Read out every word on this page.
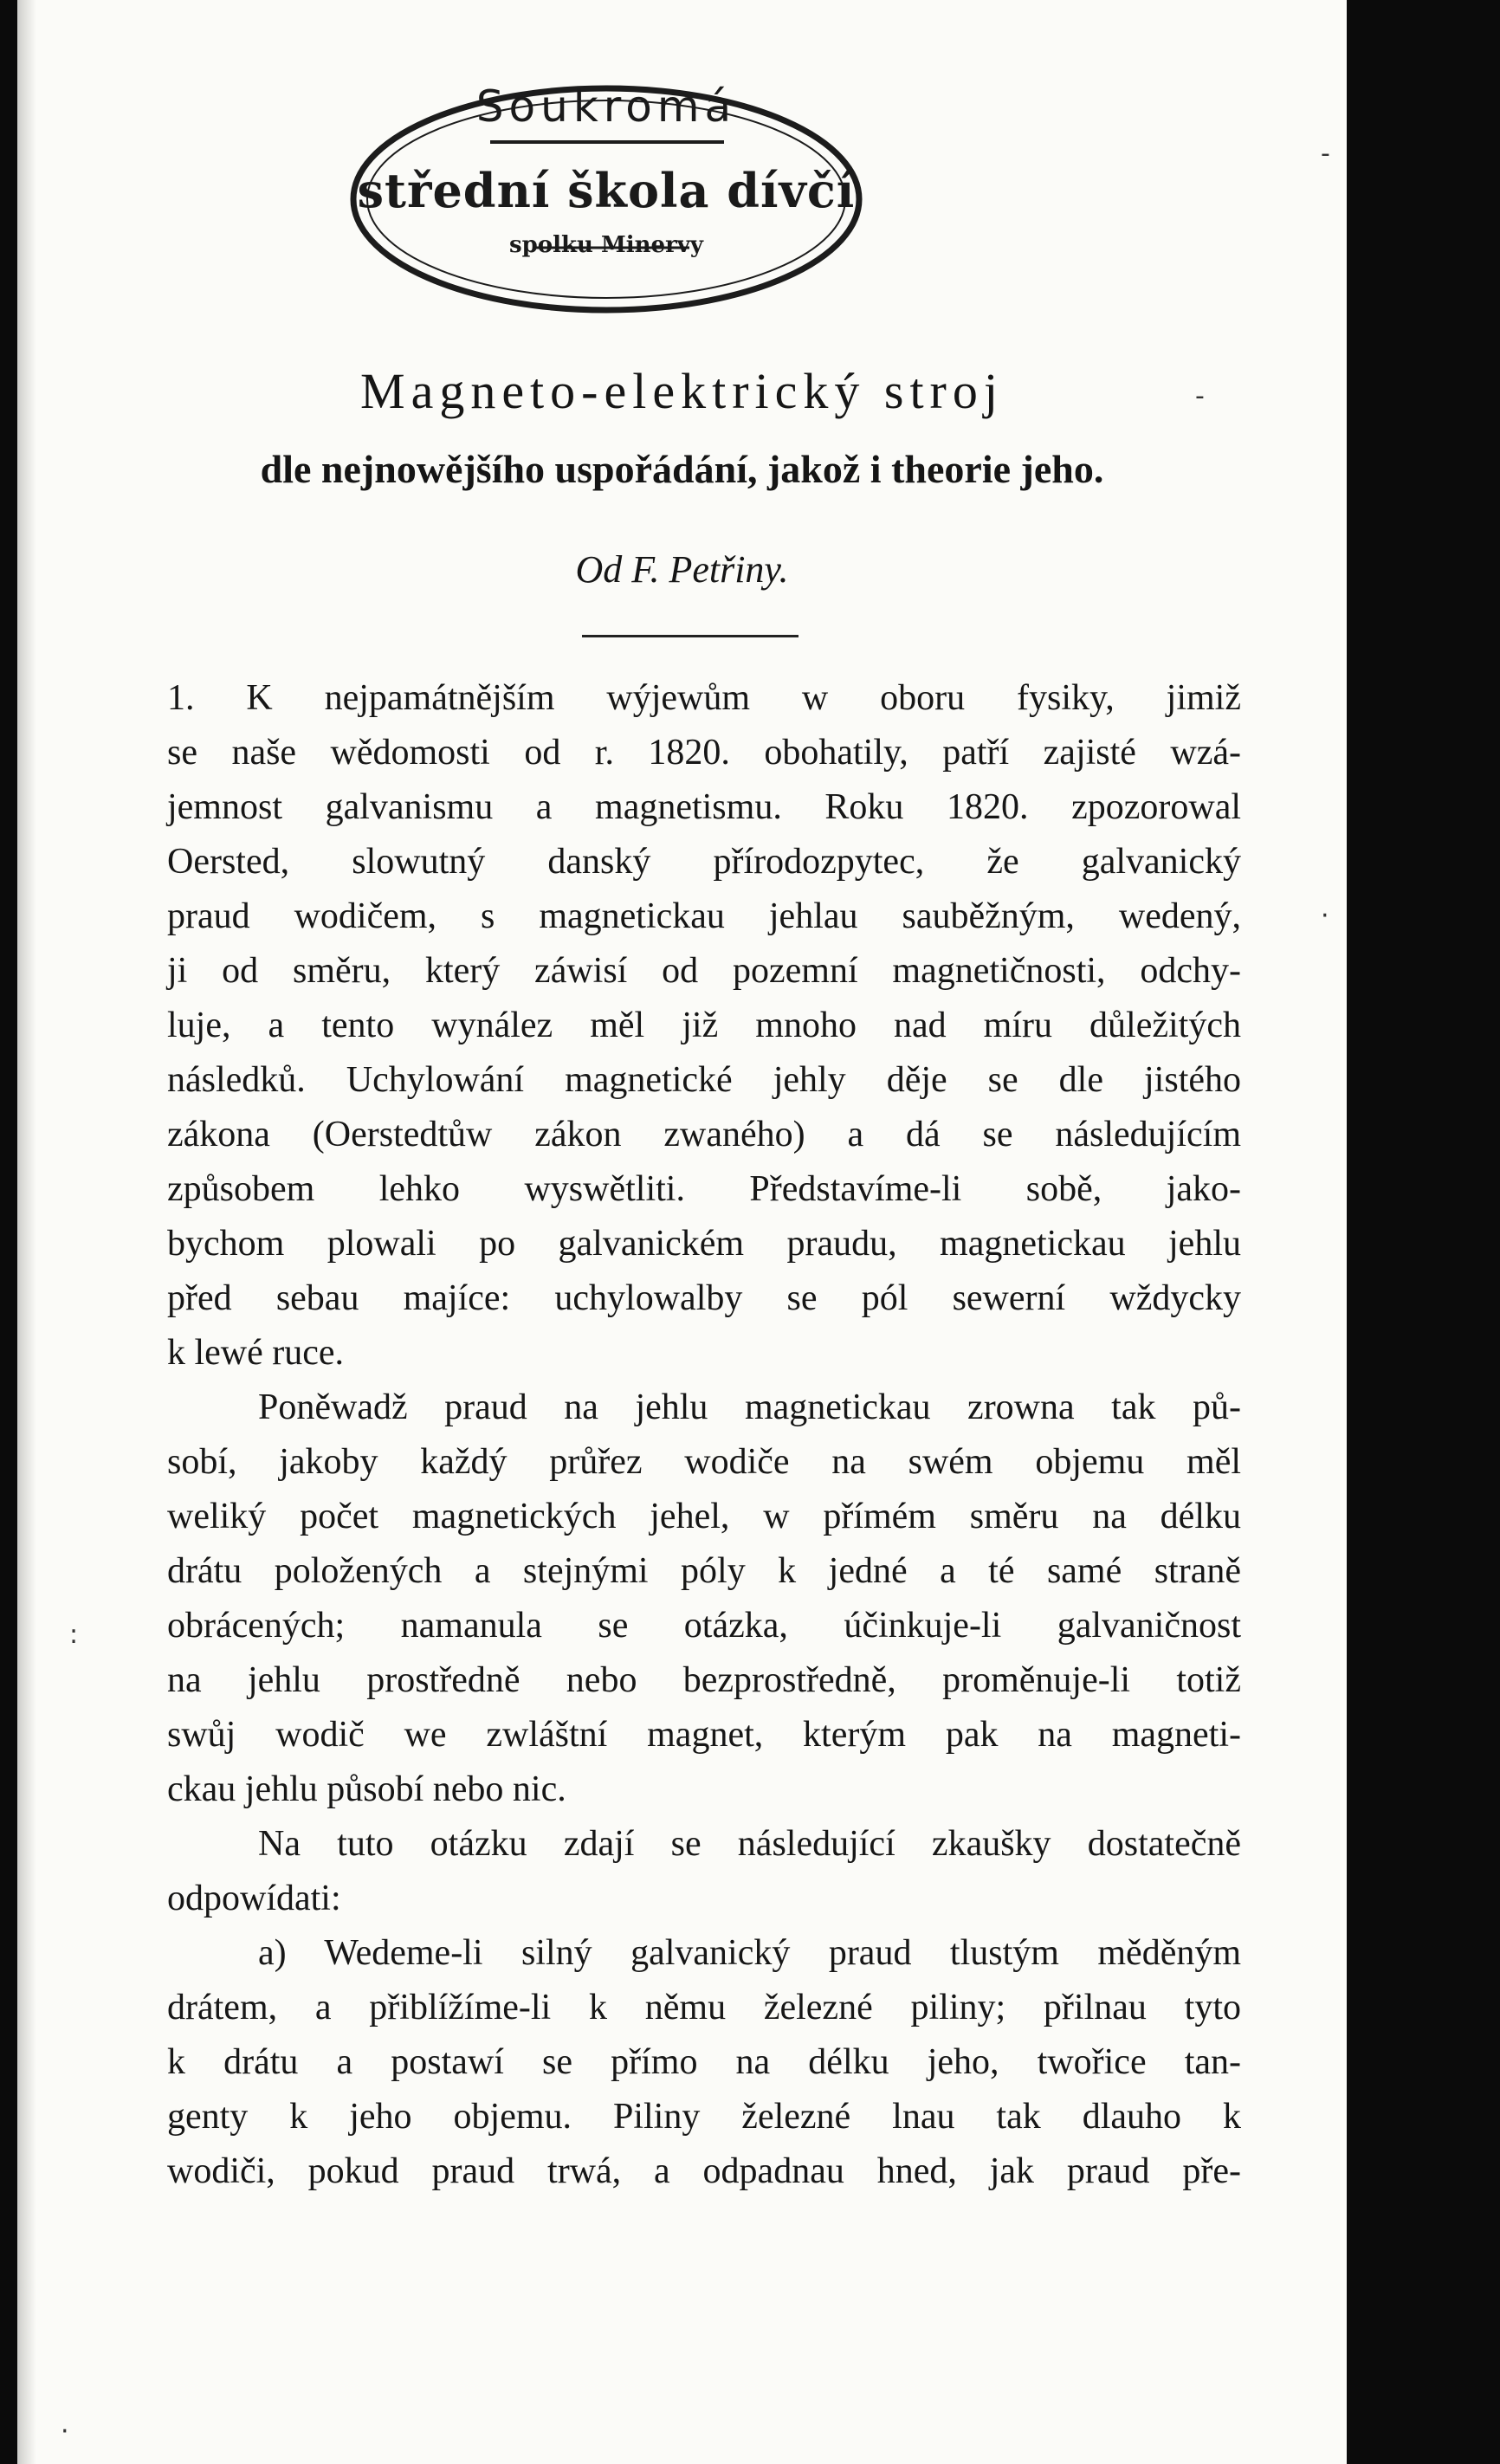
Soukromá
střední škola dívčí
spolku Minervy
Magneto-elektrický stroj
dle nejnowějšího uspořádání, jakož i theorie jeho.
Od F. Petřiny.
1. K nejpamátnějším wýjewům w oboru fysiky, jimiž
se naše wědomosti od r. 1820. obohatily, patří zajisté wzá-
jemnost galvanismu a magnetismu. Roku 1820. zpozorowal
Oersted, slowutný danský přírodozpytec, že galvanický
praud wodičem, s magnetickau jehlau sauběžným, wedený,
ji od směru, který záwisí od pozemní magnetičnosti, odchy-
luje, a tento wynález měl již mnoho nad míru důležitých
následků. Uchylowání magnetické jehly děje se dle jistého
zákona (Oerstedtůw zákon zwaného) a dá se následujícím
způsobem lehko wyswětliti. Představíme-li sobě, jako-
bychom plowali po galvanickém praudu, magnetickau jehlu
před sebau majíce: uchylowalby se pól sewerní wždycky
k lewé ruce.
Poněwadž praud na jehlu magnetickau zrowna tak pů-
sobí, jakoby každý průřez wodiče na swém objemu měl
weliký počet magnetických jehel, w přímém směru na délku
drátu položených a stejnými póly k jedné a té samé straně
obrácených; namanula se otázka, účinkuje-li galvaničnost
na jehlu prostředně nebo bezprostředně, proměnuje-li totiž
swůj wodič we zwláštní magnet, kterým pak na magneti-
ckau jehlu působí nebo nic.
Na tuto otázku zdají se následující zkaušky dostatečně
odpowídati:
a) Wedeme-li silný galvanický praud tlustým měděným
drátem, a přiblížíme-li k němu železné piliny; přilnau tyto
k drátu a postawí se přímo na délku jeho, twořice tan-
genty k jeho objemu. Piliny železné lnau tak dlauho k
wodiči, pokud praud trwá, a odpadnau hned, jak praud pře-
-
-
·
:
·
